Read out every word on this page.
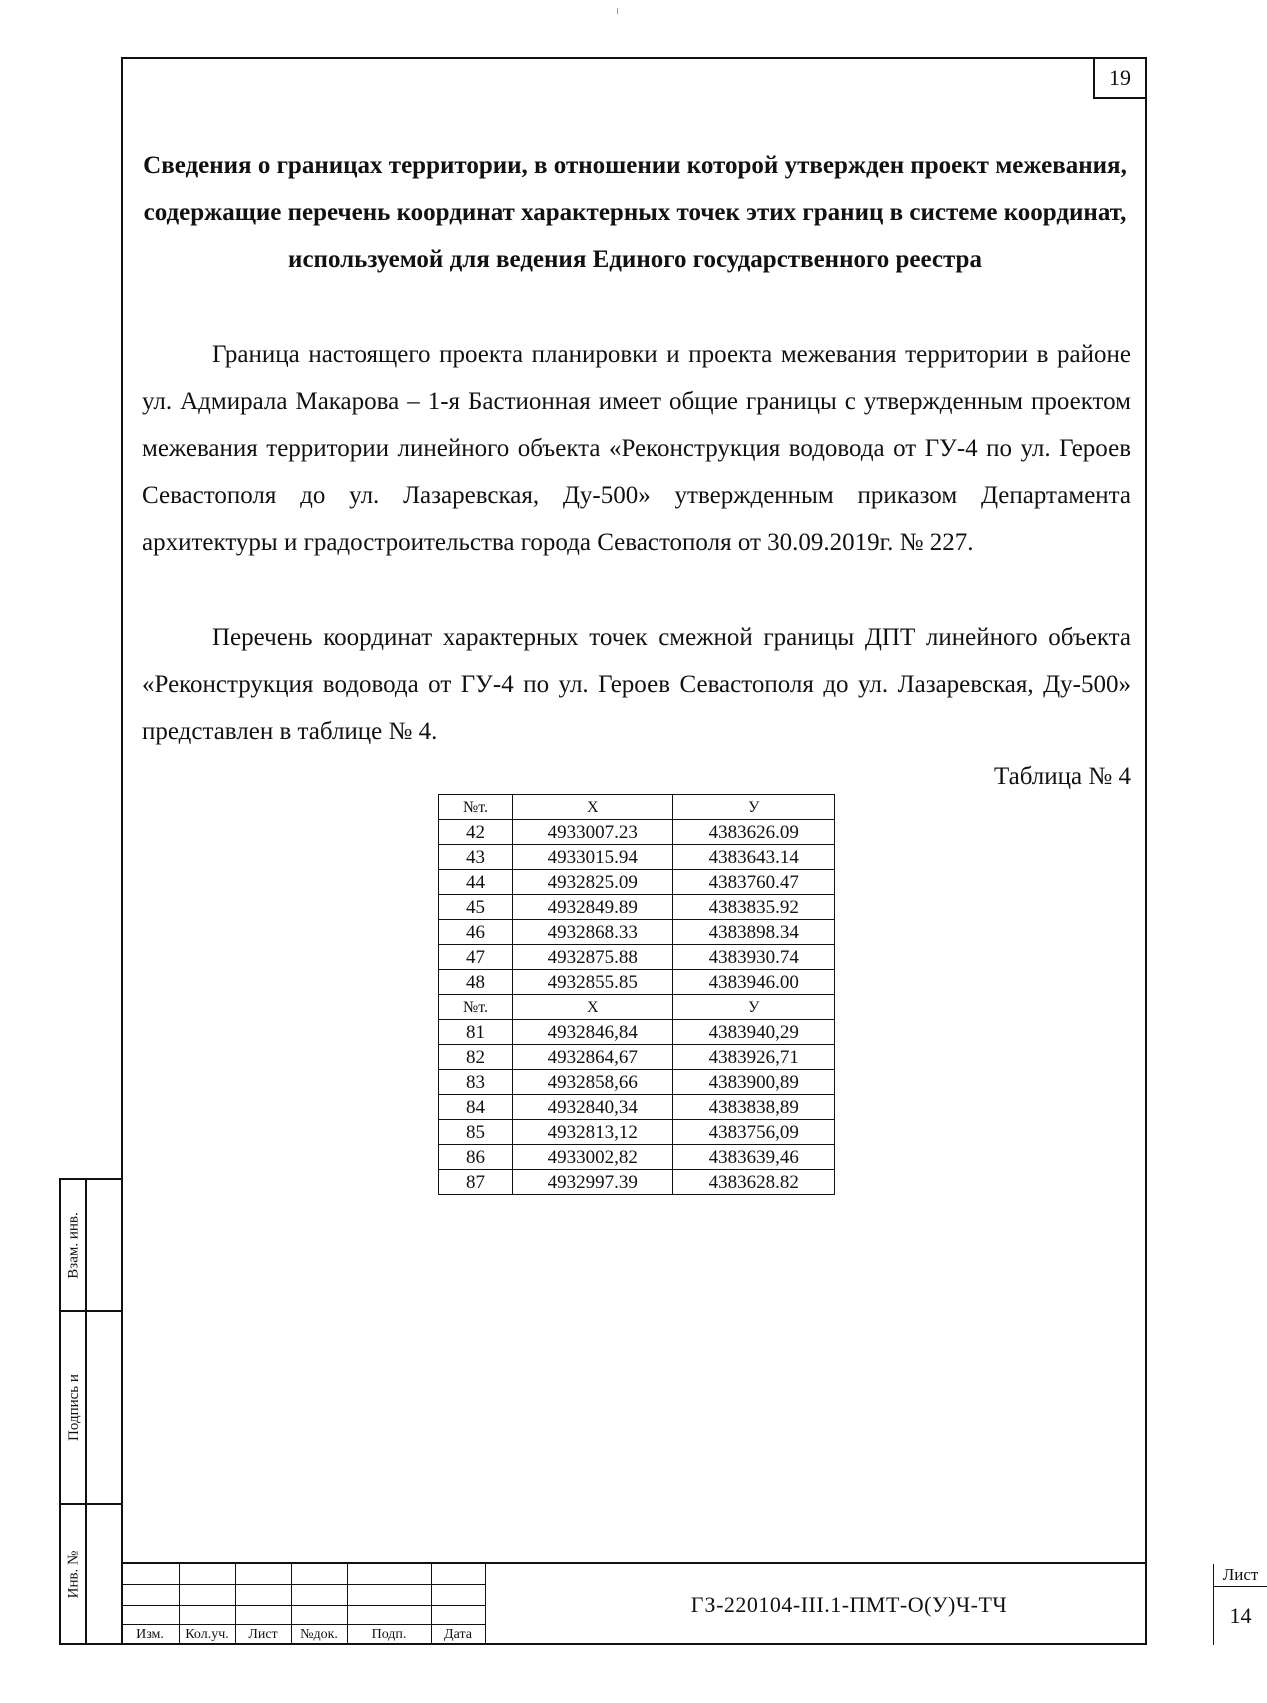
19
Сведения о границах территории, в отношении которой утвержден проект межевания, содержащие перечень координат характерных точек этих границ в системе координат, используемой для ведения Единого государственного реестра

Граница настоящего проекта планировки и проекта межевания территории в районе ул. Адмирала Макарова – 1-я Бастионная имеет общие границы с утвержденным проектом межевания территории линейного объекта «Реконструкция водовода от ГУ-4 по ул. Героев Севастополя до ул. Лазаревская, Ду-500» утвержденным приказом Департамента архитектуры и градостроительства города Севастополя от 30.09.2019г. № 227.

Перечень координат характерных точек смежной границы ДПТ линейного объекта «Реконструкция водовода от ГУ-4 по ул. Героев Севастополя до ул. Лазаревская, Ду-500» представлен в таблице № 4.

Таблица № 4
№т.	X	У
42	4933007.23	4383626.09
43	4933015.94	4383643.14
44	4932825.09	4383760.47
45	4932849.89	4383835.92
46	4932868.33	4383898.34
47	4932875.88	4383930.74
48	4932855.85	4383946.00
№т.	X	У
81	4932846,84	4383940,29
82	4932864,67	4383926,71
83	4932858,66	4383900,89
84	4932840,34	4383838,89
85	4932813,12	4383756,09
86	4933002,82	4383639,46
87	4932997.39	4383628.82
Взам. инв.
Подпись и
Инв. №
Изм.	Кол.уч.	Лист	№док.	Подп.	Дата
ГЗ-220104-III.1-ПМТ-О(У)Ч-ТЧ
Лист
14
